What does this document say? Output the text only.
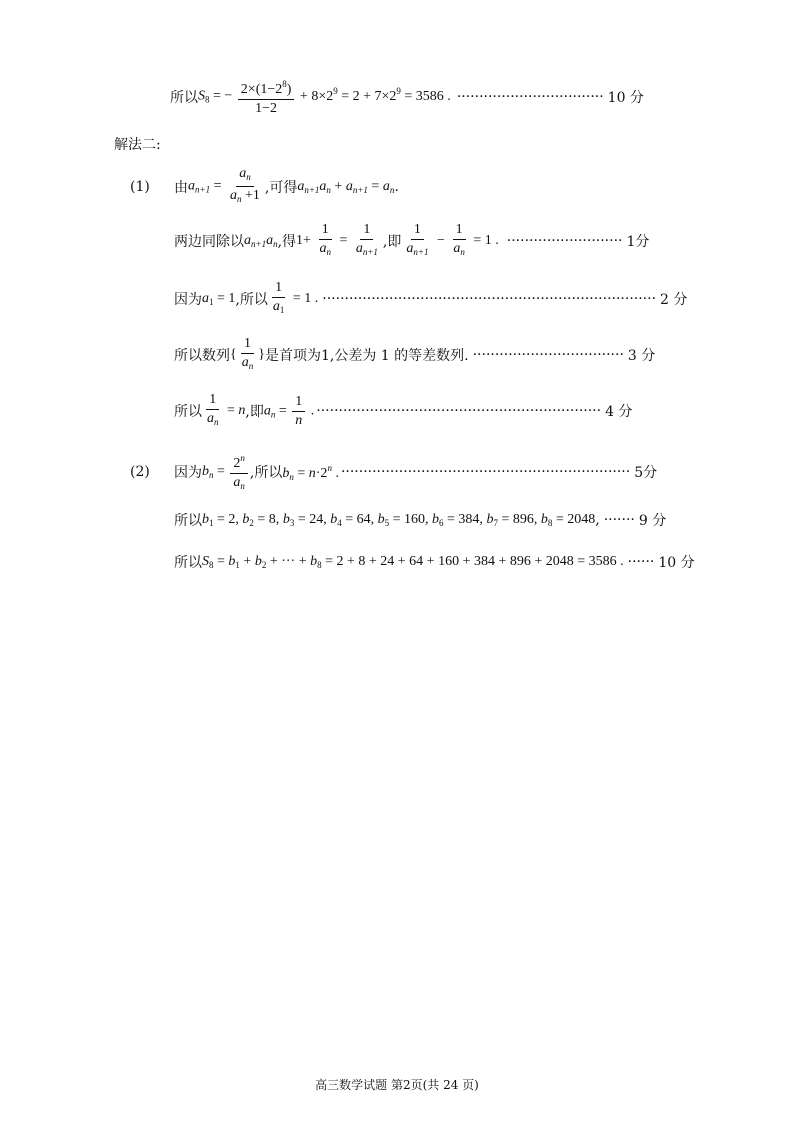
所以 $S_8$ = − $\frac{2\times(1-2^8)}{1-2} + 8\times 2^9 = 2 + 7\times 2^9 = 3586$ . ································· 10 分
解法二:
(1)	由 $a_{n+1} = \frac{a_n}{a_n +1}$ ,可得 $a_{n+1}a_n + a_{n+1} = a_n$ .
两边同除以 $a_{n+1}a_n$ ,得 $1+ \frac{1}{a_n} = \frac{1}{a_{n+1}}$ ,即 $\frac{1}{a_{n+1}} - \frac{1}{a_n} = 1$ . ·························· 1分
因为 $a_1 = 1$ ,所以 $\frac{1}{a_1} = 1$ . ··········································································· 2 分
所以数列 { $\frac{1}{a_n}$ } 是首项为1,公差为 1 的等差数列. ·································· 3 分
所以 $\frac{1}{a_n} = n$ ,即 $a_n = \frac{1}{n}$ . ································································ 4 分
(2)	因为 $b_n = \frac{2^n}{a_n}$ ,所以 $b_n = n\cdot 2^n$ . ································································· 5分
所以 $b_1 = 2$, $b_2 = 8$, $b_3 = 24$, $b_4 = 64$, $b_5 = 160$, $b_6 = 384$, $b_7 = 896$, $b_8 = 2048$ , ······· 9 分
所以 $S_8 = b_1 + b_2$ + ··· + $b_8 = 2 + 8 + 24 + 64 + 160 + 384 + 896 + 2048 = 3586$ . ······ 10 分
高三数学试题 第2页(共 24 页)
